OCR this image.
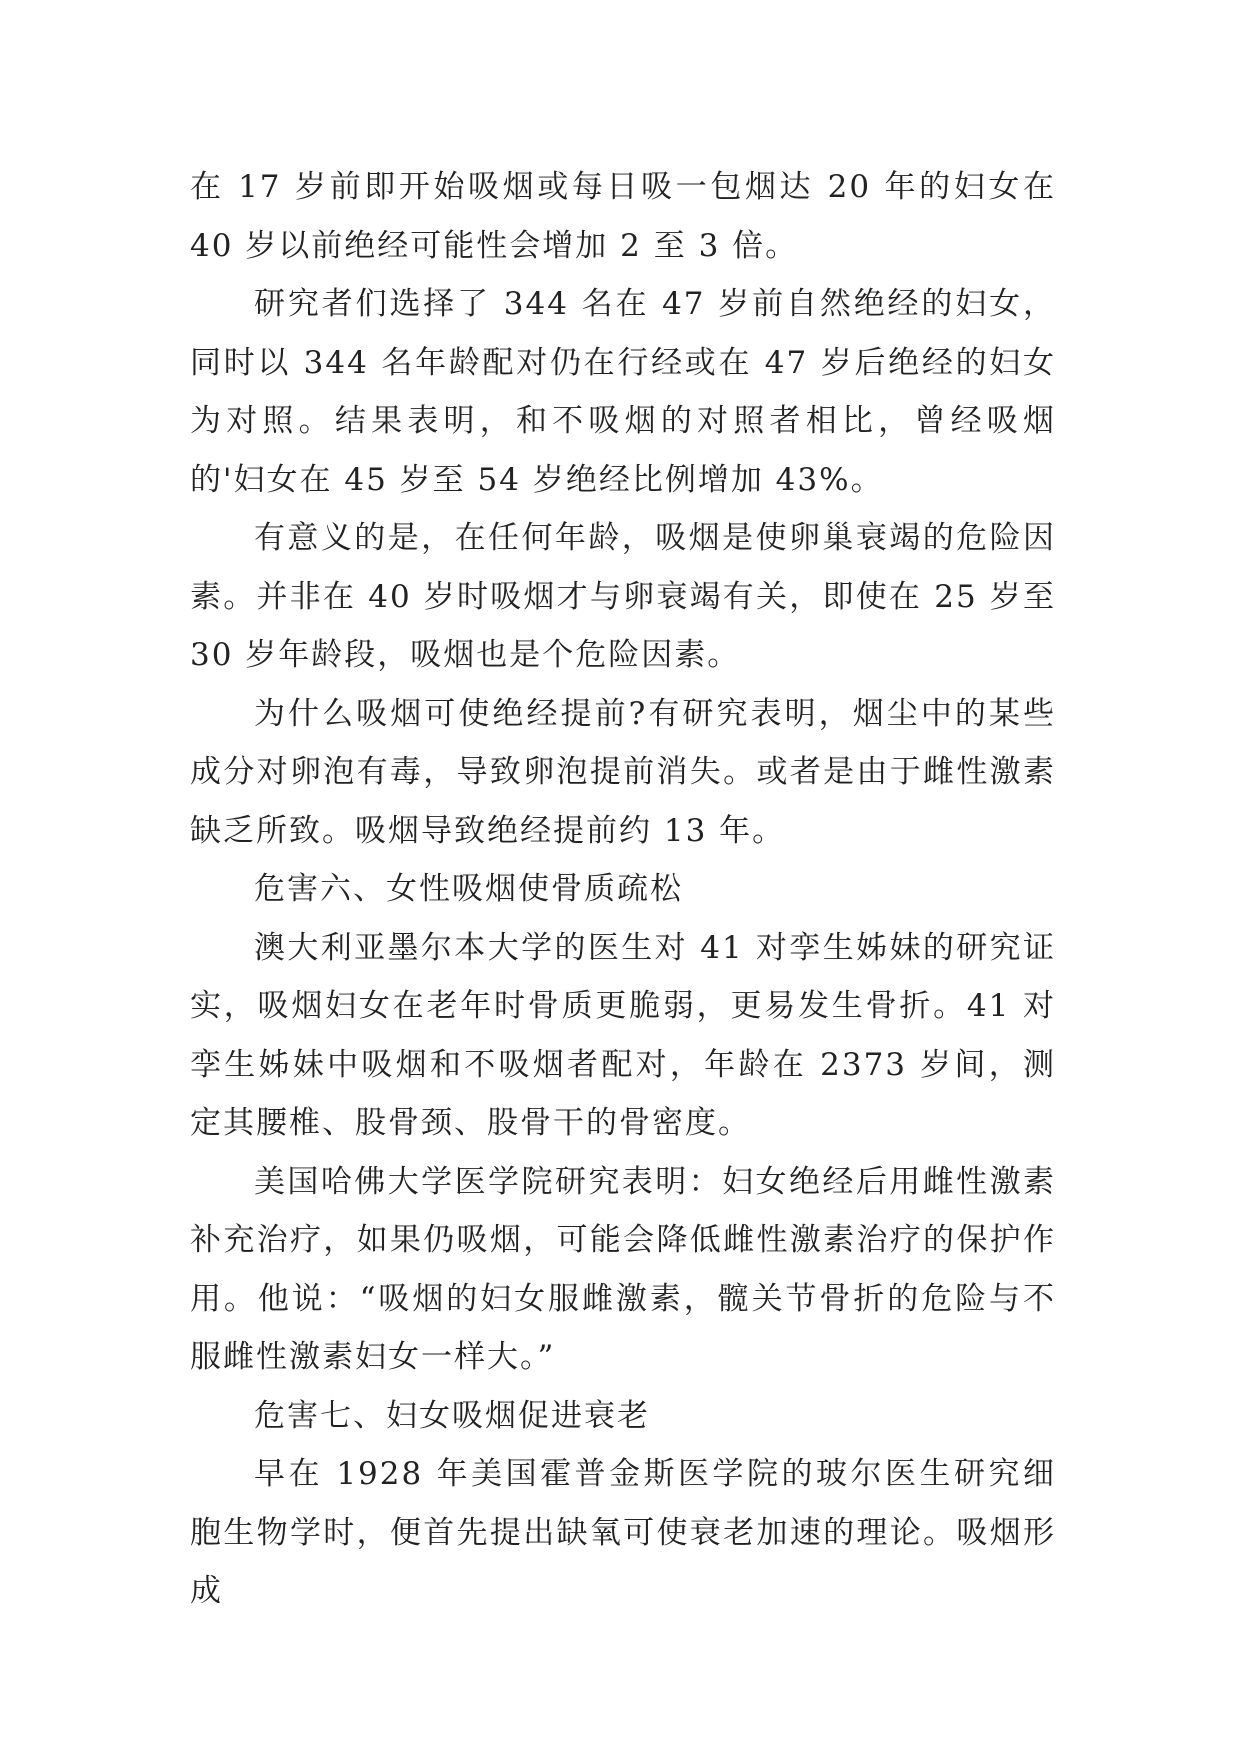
在 17 岁前即开始吸烟或每日吸一包烟达 20 年的妇女在 40 岁以前绝经可能性会增加 2 至 3 倍。

研究者们选择了 344 名在 47 岁前自然绝经的妇女，同时以 344 名年龄配对仍在行经或在 47 岁后绝经的妇女为对照。结果表明，和不吸烟的对照者相比，曾经吸烟的'妇女在 45 岁至 54 岁绝经比例增加 43%。

有意义的是，在任何年龄，吸烟是使卵巢衰竭的危险因素。并非在 40 岁时吸烟才与卵衰竭有关，即使在 25 岁至 30 岁年龄段，吸烟也是个危险因素。

为什么吸烟可使绝经提前?有研究表明，烟尘中的某些成分对卵泡有毒，导致卵泡提前消失。或者是由于雌性激素缺乏所致。吸烟导致绝经提前约 13 年。

危害六、女性吸烟使骨质疏松

澳大利亚墨尔本大学的医生对 41 对孪生姊妹的研究证实，吸烟妇女在老年时骨质更脆弱，更易发生骨折。41 对孪生姊妹中吸烟和不吸烟者配对，年龄在 2373 岁间，测定其腰椎、股骨颈、股骨干的骨密度。

美国哈佛大学医学院研究表明：妇女绝经后用雌性激素补充治疗，如果仍吸烟，可能会降低雌性激素治疗的保护作用。他说：“吸烟的妇女服雌激素，髋关节骨折的危险与不服雌性激素妇女一样大。”

危害七、妇女吸烟促进衰老

早在 1928 年美国霍普金斯医学院的玻尔医生研究细胞生物学时，便首先提出缺氧可使衰老加速的理论。吸烟形成
